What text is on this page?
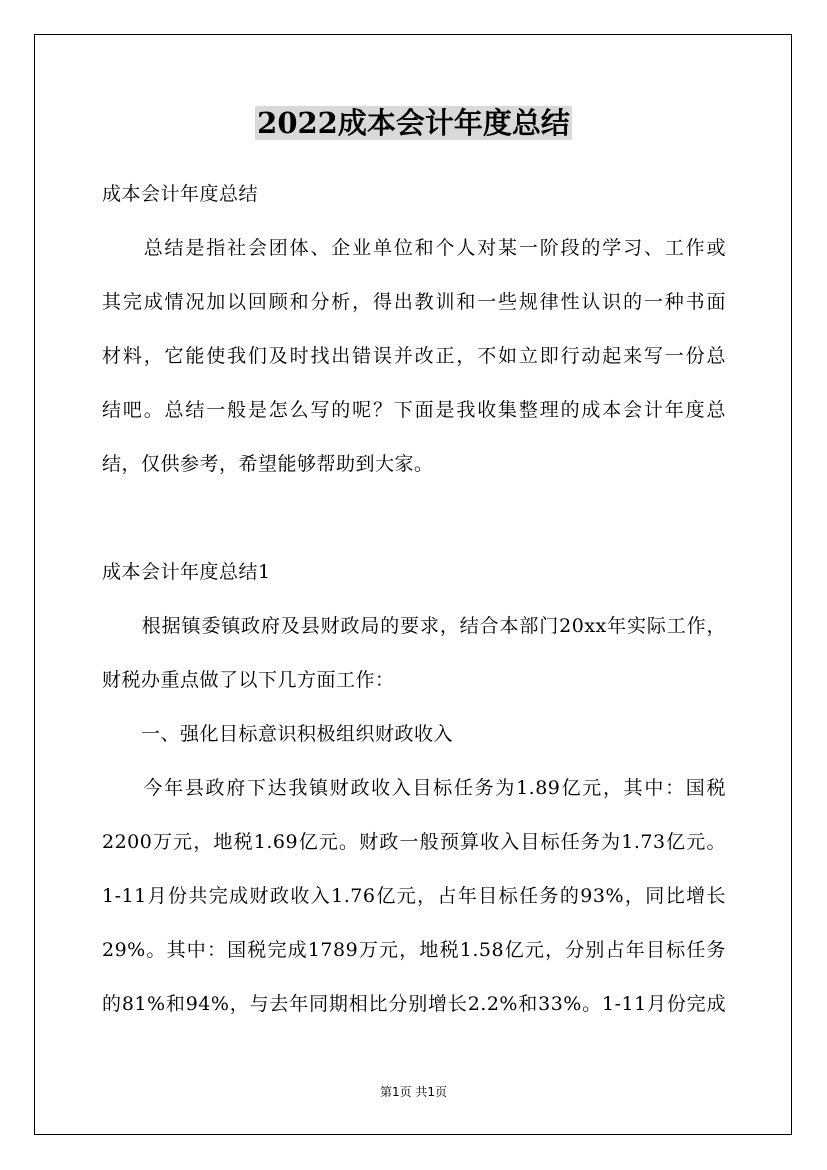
2022成本会计年度总结

成本会计年度总结

　　总结是指社会团体、企业单位和个人对某一阶段的学习、工作或

其完成情况加以回顾和分析，得出教训和一些规律性认识的一种书面

材料，它能使我们及时找出错误并改正，不如立即行动起来写一份总

结吧。总结一般是怎么写的呢？下面是我收集整理的成本会计年度总

结，仅供参考，希望能够帮助到大家。

成本会计年度总结1

　　根据镇委镇政府及县财政局的要求，结合本部门20xx年实际工作，

财税办重点做了以下几方面工作：

　　一、强化目标意识积极组织财政收入

　　今年县政府下达我镇财政收入目标任务为1.89亿元，其中：国税

2200万元，地税1.69亿元。财政一般预算收入目标任务为1.73亿元。

1-11月份共完成财政收入1.76亿元，占年目标任务的93%，同比增长

29%。其中：国税完成1789万元，地税1.58亿元，分别占年目标任务

的81%和94%，与去年同期相比分别增长2.2%和33%。1-11月份完成

第1页 共1页
